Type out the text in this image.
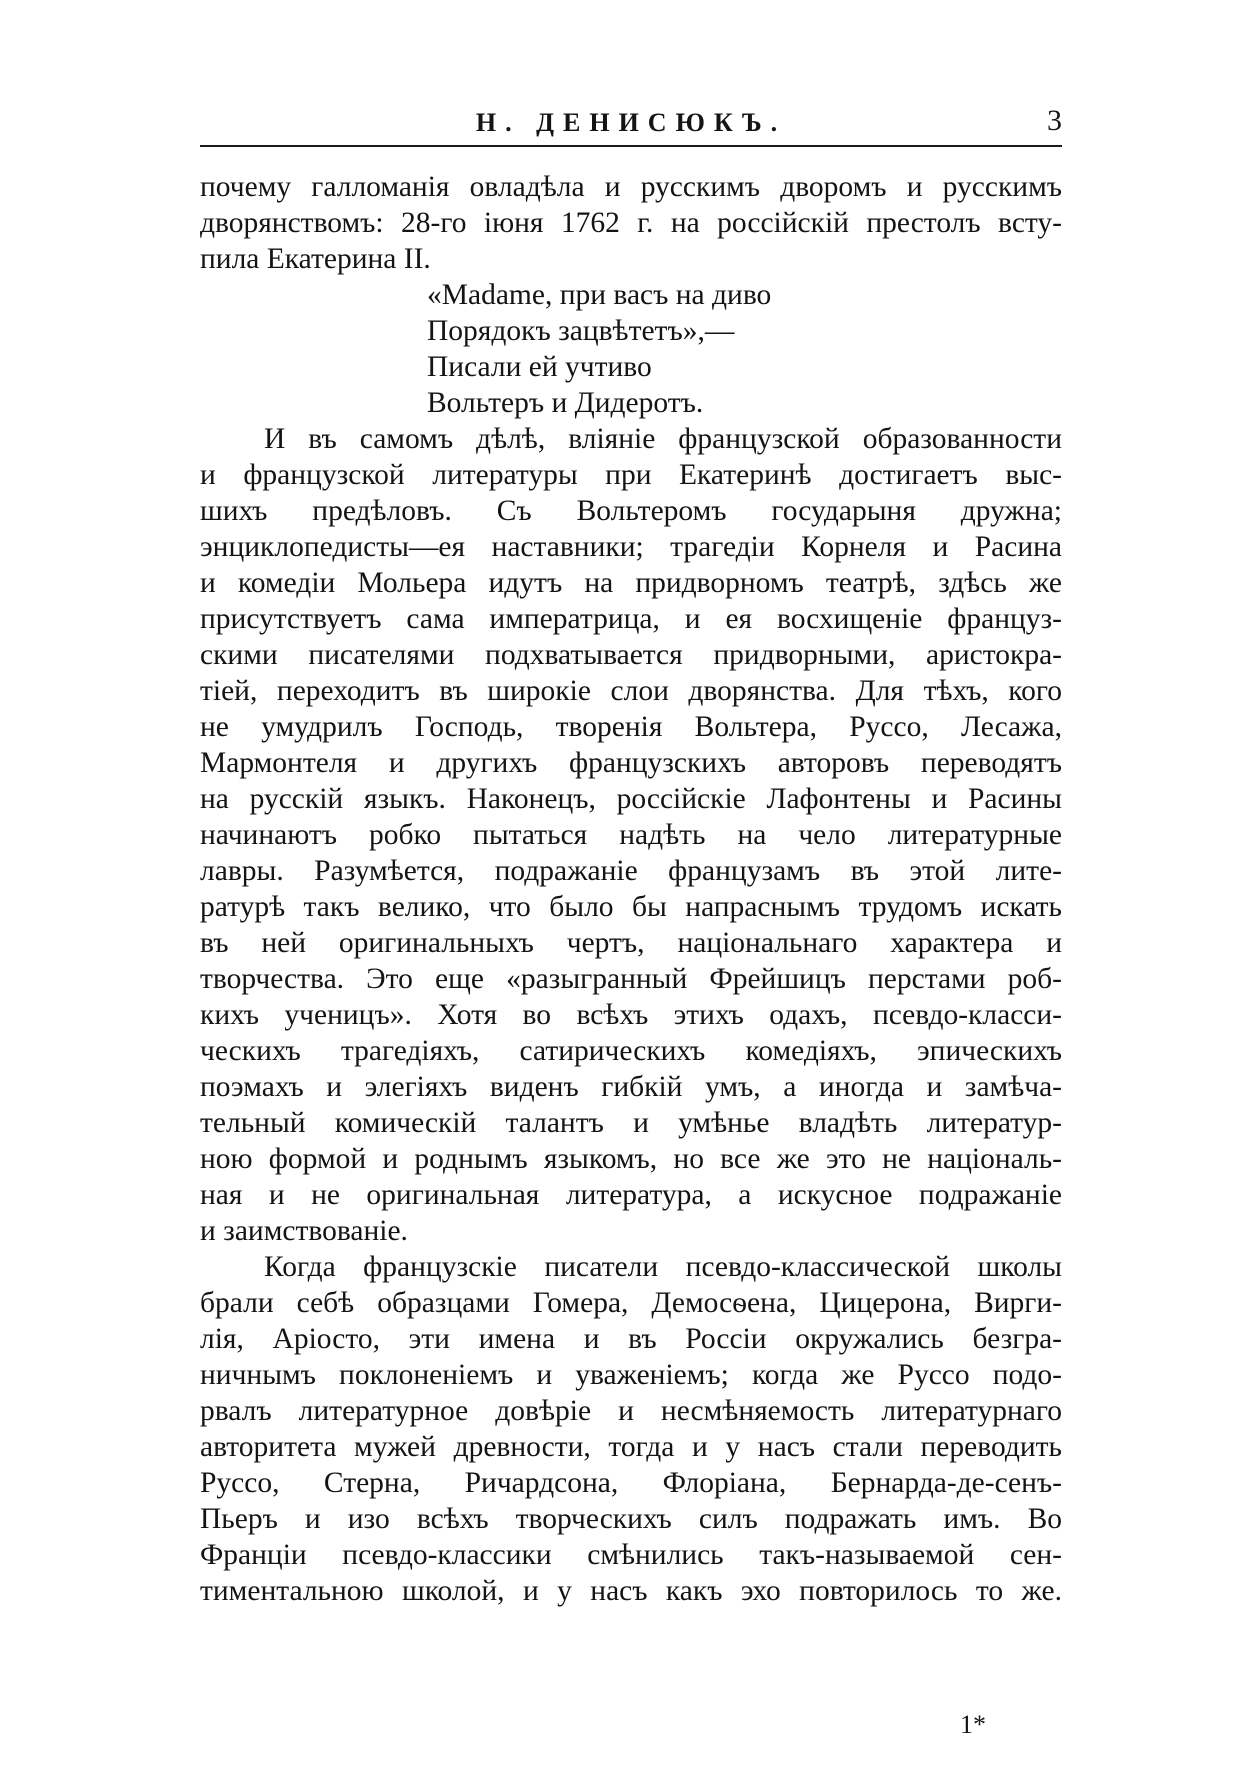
Н. ДЕНИСЮКЪ.	3
почему галломанія овладѣла и русскимъ дворомъ и русскимъ
дворянствомъ: 28-го іюня 1762 г. на россійскій престолъ всту-
пила Екатерина II.
«Madame, при васъ на диво
Порядокъ зацвѣтетъ»,—
Писали ей учтиво
Вольтеръ и Дидеротъ.
И въ самомъ дѣлѣ, вліяніе французской образованности
и французской литературы при Екатеринѣ достигаетъ выс-
шихъ предѣловъ. Съ Вольтеромъ государыня дружна;
энциклопедисты—ея наставники; трагедіи Корнеля и Расина
и комедіи Мольера идутъ на придворномъ театрѣ, здѣсь же
присутствуетъ сама императрица, и ея восхищеніе француз-
скими писателями подхватывается придворными, аристокра-
тіей, переходитъ въ широкіе слои дворянства. Для тѣхъ, кого
не умудрилъ Господь, творенія Вольтера, Руссо, Лесажа,
Мармонтеля и другихъ французскихъ авторовъ переводятъ
на русскій языкъ. Наконецъ, россійскіе Лафонтены и Расины
начинаютъ робко пытаться надѣть на чело литературные
лавры. Разумѣется, подражаніе французамъ въ этой лите-
ратурѣ такъ велико, что было бы напраснымъ трудомъ искать
въ ней оригинальныхъ чертъ, національнаго характера и
творчества. Это еще «разыгранный Фрейшицъ перстами роб-
кихъ ученицъ». Хотя во всѣхъ этихъ одахъ, псевдо-класси-
ческихъ трагедіяхъ, сатирическихъ комедіяхъ, эпическихъ
поэмахъ и элегіяхъ виденъ гибкій умъ, а иногда и замѣча-
тельный комическій талантъ и умѣнье владѣть литератур-
ною формой и роднымъ языкомъ, но все же это не національ-
ная и не оригинальная литература, а искусное подражаніе
и заимствованіе.
Когда французскіе писатели псевдо-классической школы
брали себѣ образцами Гомера, Демосѳена, Цицерона, Вирги-
лія, Аріосто, эти имена и въ Россіи окружались безгра-
ничнымъ поклоненіемъ и уваженіемъ; когда же Руссо подо-
рвалъ литературное довѣріе и несмѣняемость литературнаго
авторитета мужей древности, тогда и у насъ стали переводить
Руссо, Стерна, Ричардсона, Флоріана, Бернарда-де-сенъ-
Пьеръ и изо всѣхъ творческихъ силъ подражать имъ. Во
Франціи псевдо-классики смѣнились такъ-называемой сен-
тиментальною школой, и у насъ какъ эхо повторилось то же.
1*
